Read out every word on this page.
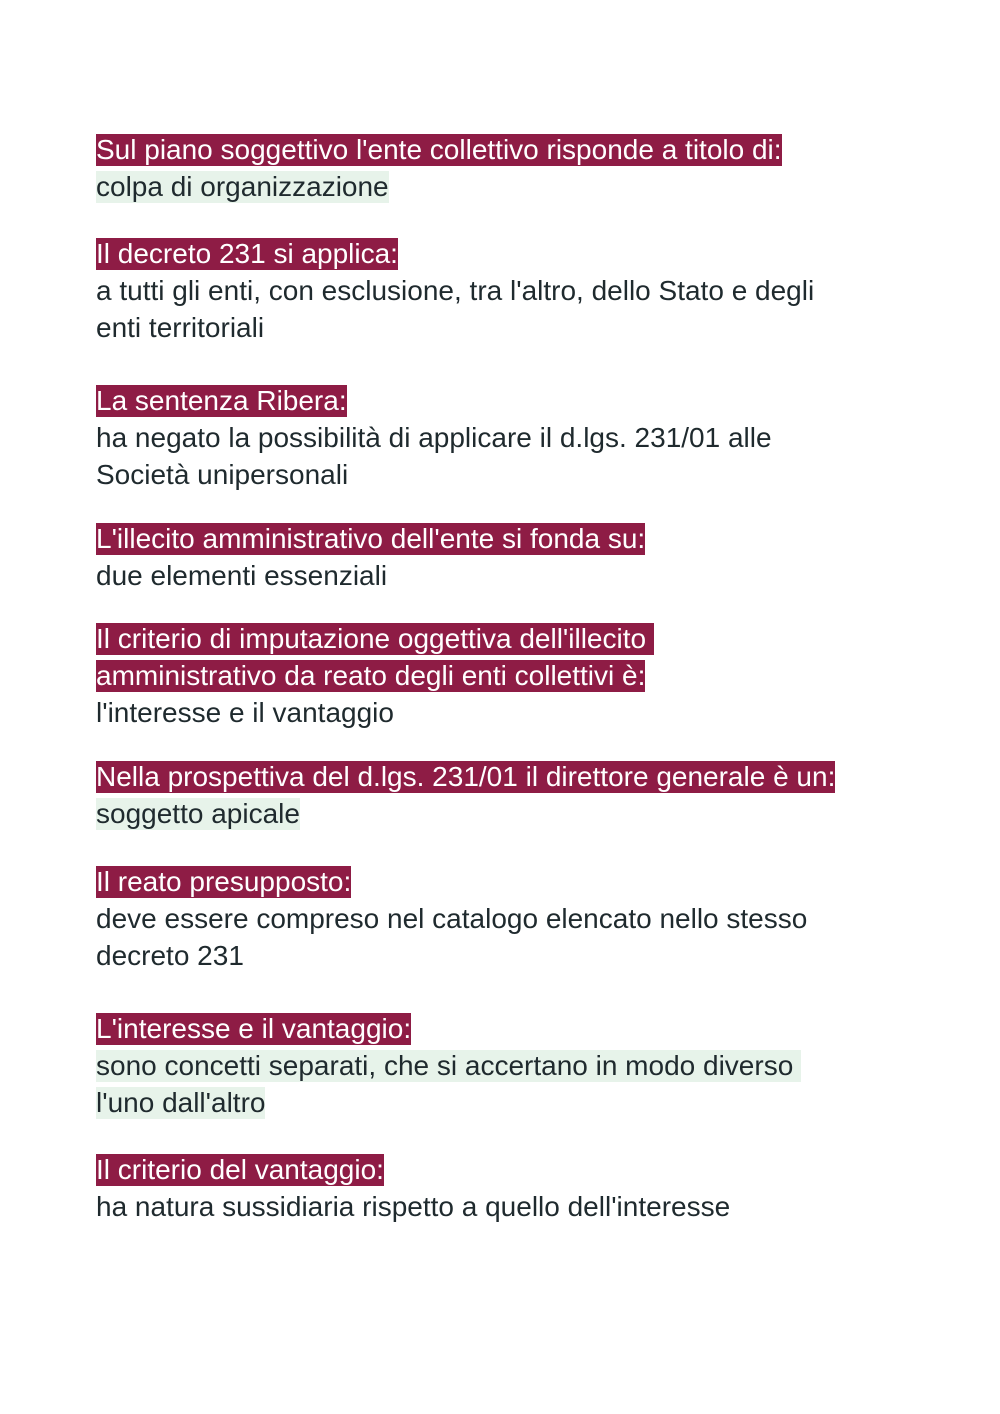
Sul piano soggettivo l'ente collettivo risponde a titolo di:
colpa di organizzazione
Il decreto 231 si applica:
a tutti gli enti, con esclusione, tra l'altro, dello Stato e degli
enti territoriali
La sentenza Ribera:
ha negato la possibilità di applicare il d.lgs. 231/01 alle
Società unipersonali
L'illecito amministrativo dell'ente si fonda su:
due elementi essenziali
Il criterio di imputazione oggettiva dell'illecito
amministrativo da reato degli enti collettivi è:
l'interesse e il vantaggio
Nella prospettiva del d.lgs. 231/01 il direttore generale è un:
soggetto apicale
Il reato presupposto:
deve essere compreso nel catalogo elencato nello stesso
decreto 231
L'interesse e il vantaggio:
sono concetti separati, che si accertano in modo diverso
l'uno dall'altro
Il criterio del vantaggio:
ha natura sussidiaria rispetto a quello dell'interesse
